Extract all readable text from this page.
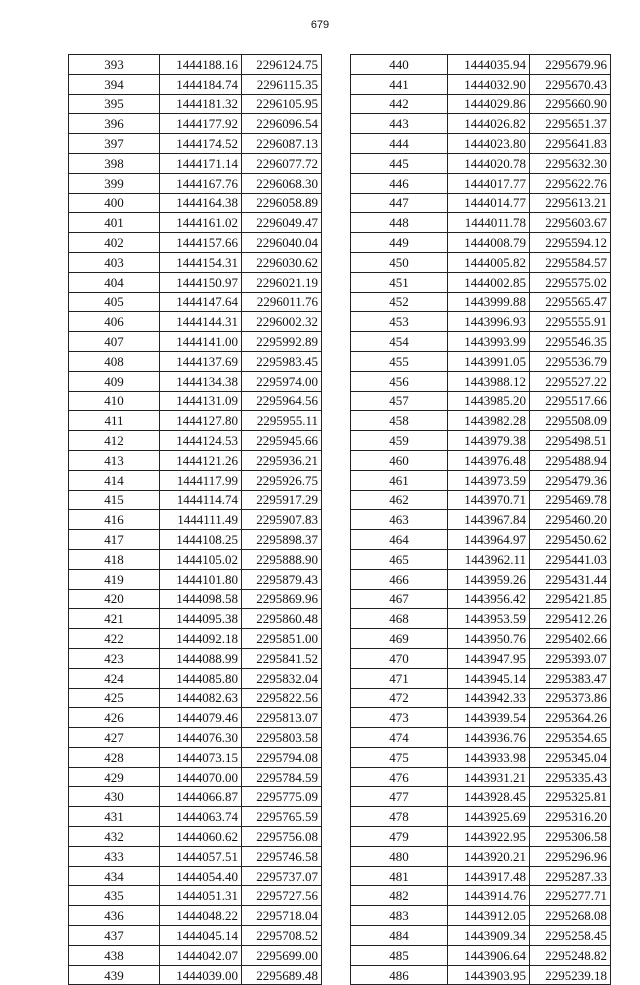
679
393	1444188.16	2296124.75
394	1444184.74	2296115.35
395	1444181.32	2296105.95
396	1444177.92	2296096.54
397	1444174.52	2296087.13
398	1444171.14	2296077.72
399	1444167.76	2296068.30
400	1444164.38	2296058.89
401	1444161.02	2296049.47
402	1444157.66	2296040.04
403	1444154.31	2296030.62
404	1444150.97	2296021.19
405	1444147.64	2296011.76
406	1444144.31	2296002.32
407	1444141.00	2295992.89
408	1444137.69	2295983.45
409	1444134.38	2295974.00
410	1444131.09	2295964.56
411	1444127.80	2295955.11
412	1444124.53	2295945.66
413	1444121.26	2295936.21
414	1444117.99	2295926.75
415	1444114.74	2295917.29
416	1444111.49	2295907.83
417	1444108.25	2295898.37
418	1444105.02	2295888.90
419	1444101.80	2295879.43
420	1444098.58	2295869.96
421	1444095.38	2295860.48
422	1444092.18	2295851.00
423	1444088.99	2295841.52
424	1444085.80	2295832.04
425	1444082.63	2295822.56
426	1444079.46	2295813.07
427	1444076.30	2295803.58
428	1444073.15	2295794.08
429	1444070.00	2295784.59
430	1444066.87	2295775.09
431	1444063.74	2295765.59
432	1444060.62	2295756.08
433	1444057.51	2295746.58
434	1444054.40	2295737.07
435	1444051.31	2295727.56
436	1444048.22	2295718.04
437	1444045.14	2295708.52
438	1444042.07	2295699.00
439	1444039.00	2295689.48
440	1444035.94	2295679.96
441	1444032.90	2295670.43
442	1444029.86	2295660.90
443	1444026.82	2295651.37
444	1444023.80	2295641.83
445	1444020.78	2295632.30
446	1444017.77	2295622.76
447	1444014.77	2295613.21
448	1444011.78	2295603.67
449	1444008.79	2295594.12
450	1444005.82	2295584.57
451	1444002.85	2295575.02
452	1443999.88	2295565.47
453	1443996.93	2295555.91
454	1443993.99	2295546.35
455	1443991.05	2295536.79
456	1443988.12	2295527.22
457	1443985.20	2295517.66
458	1443982.28	2295508.09
459	1443979.38	2295498.51
460	1443976.48	2295488.94
461	1443973.59	2295479.36
462	1443970.71	2295469.78
463	1443967.84	2295460.20
464	1443964.97	2295450.62
465	1443962.11	2295441.03
466	1443959.26	2295431.44
467	1443956.42	2295421.85
468	1443953.59	2295412.26
469	1443950.76	2295402.66
470	1443947.95	2295393.07
471	1443945.14	2295383.47
472	1443942.33	2295373.86
473	1443939.54	2295364.26
474	1443936.76	2295354.65
475	1443933.98	2295345.04
476	1443931.21	2295335.43
477	1443928.45	2295325.81
478	1443925.69	2295316.20
479	1443922.95	2295306.58
480	1443920.21	2295296.96
481	1443917.48	2295287.33
482	1443914.76	2295277.71
483	1443912.05	2295268.08
484	1443909.34	2295258.45
485	1443906.64	2295248.82
486	1443903.95	2295239.18
